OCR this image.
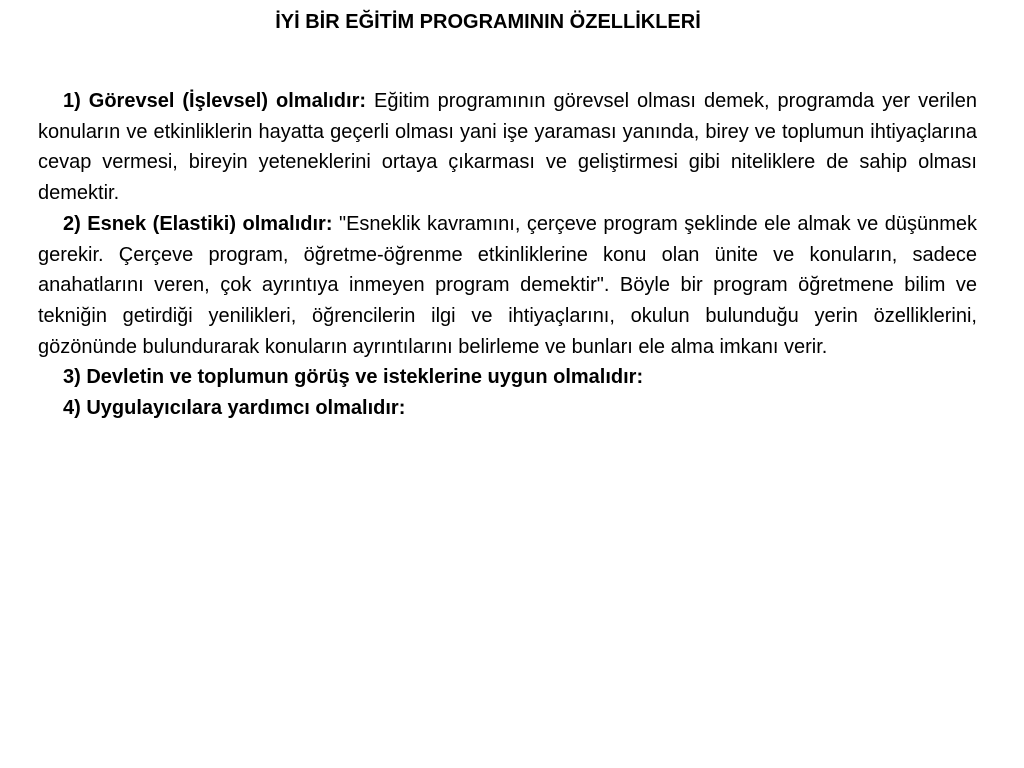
İYİ BİR EĞİTİM PROGRAMININ ÖZELLİKLERİ

1) Görevsel (İşlevsel) olmalıdır: Eğitim programının görevsel olması demek, programda yer verilen konuların ve etkinliklerin hayatta geçerli olması yani işe yaraması yanında, birey ve toplumun ihtiyaçlarına cevap vermesi, bireyin yeteneklerini ortaya çıkarması ve geliştirmesi gibi niteliklere de sahip olması demektir.

2) Esnek (Elastiki) olmalıdır: "Esneklik kavramını, çerçeve program şeklinde ele almak ve düşünmek gerekir. Çerçeve program, öğretme-öğrenme etkinliklerine konu olan ünite ve konuların, sadece anahatlarını veren, çok ayrıntıya inmeyen program demektir". Böyle bir program öğretmene bilim ve tekniğin getirdiği yenilikleri, öğrencilerin ilgi ve ihtiyaçlarını, okulun bulunduğu yerin özelliklerini, gözönünde bulundurarak konuların ayrıntılarını belirleme ve bunları ele alma imkanı verir.

3) Devletin ve toplumun görüş ve isteklerine uygun olmalıdır:

4) Uygulayıcılara yardımcı olmalıdır:
